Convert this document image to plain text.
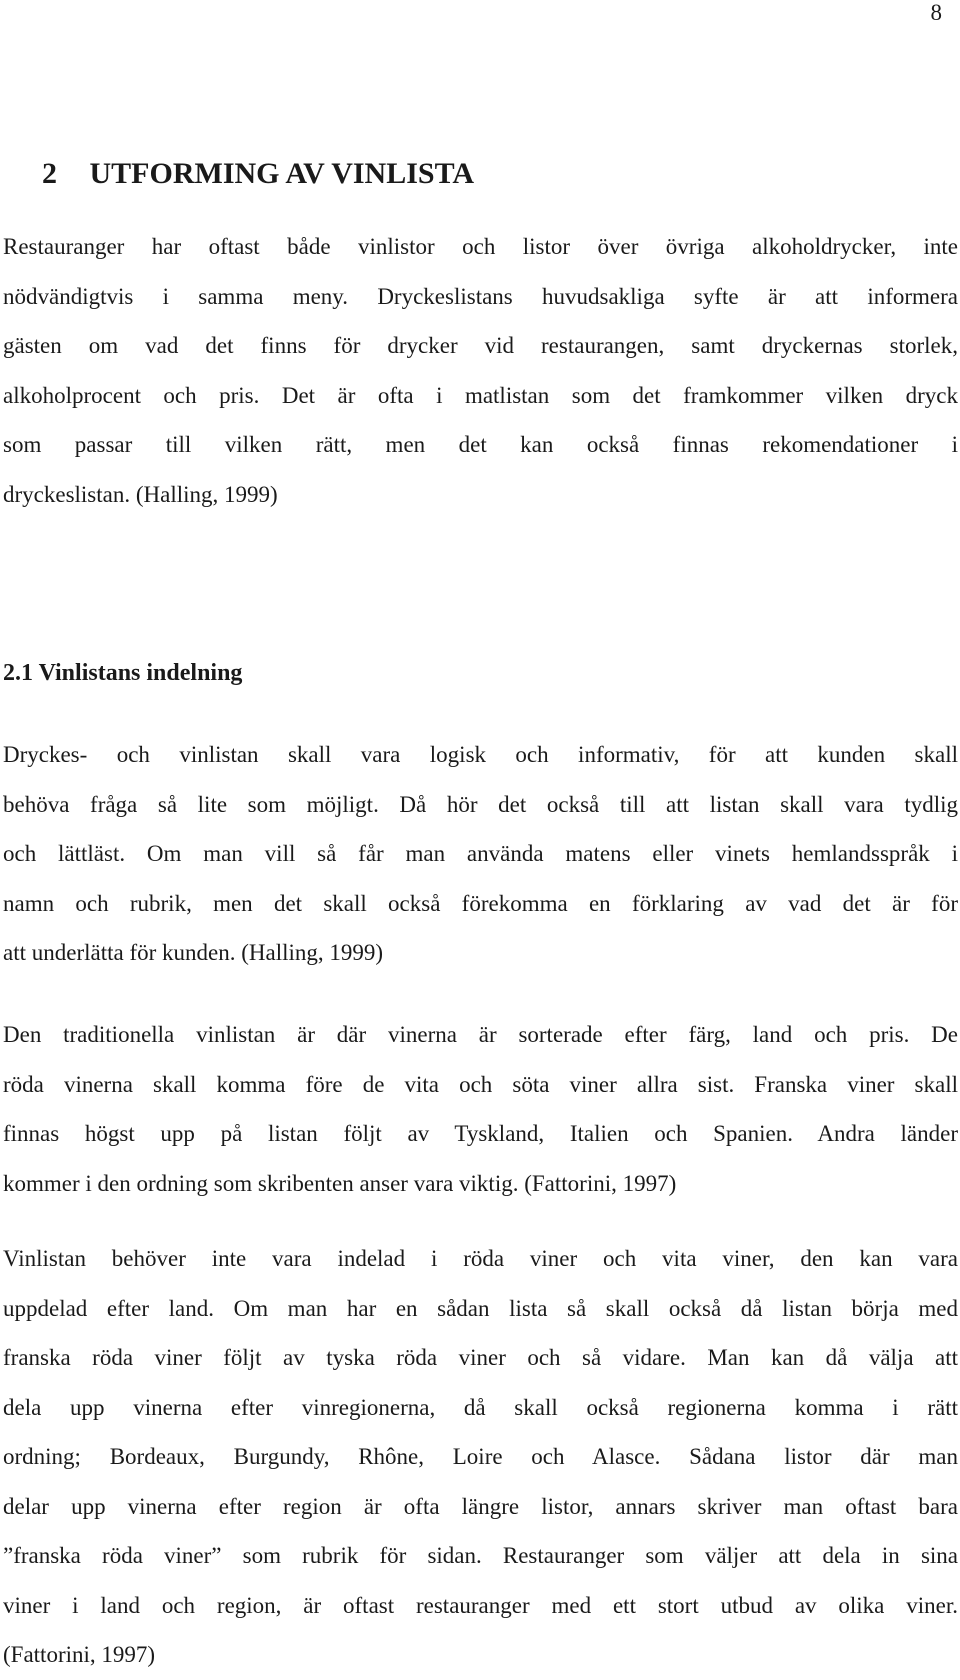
8
2 UTFORMING AV VINLISTA

Restauranger har oftast både vinlistor och listor över övriga alkoholdrycker, inte
nödvändigtvis i samma meny. Dryckeslistans huvudsakliga syfte är att informera
gästen om vad det finns för drycker vid restaurangen, samt dryckernas storlek,
alkoholprocent och pris. Det är ofta i matlistan som det framkommer vilken dryck
som passar till vilken rätt, men det kan också finnas rekomendationer i
dryckeslistan. (Halling, 1999)

2.1 Vinlistans indelning

Dryckes- och vinlistan skall vara logisk och informativ, för att kunden skall
behöva fråga så lite som möjligt. Då hör det också till att listan skall vara tydlig
och lättläst. Om man vill så får man använda matens eller vinets hemlandsspråk i
namn och rubrik, men det skall också förekomma en förklaring av vad det är för
att underlätta för kunden. (Halling, 1999)

Den traditionella vinlistan är där vinerna är sorterade efter färg, land och pris. De
röda vinerna skall komma före de vita och söta viner allra sist. Franska viner skall
finnas högst upp på listan följt av Tyskland, Italien och Spanien. Andra länder
kommer i den ordning som skribenten anser vara viktig. (Fattorini, 1997)

Vinlistan behöver inte vara indelad i röda viner och vita viner, den kan vara
uppdelad efter land. Om man har en sådan lista så skall också då listan börja med
franska röda viner följt av tyska röda viner och så vidare. Man kan då välja att
dela upp vinerna efter vinregionerna, då skall också regionerna komma i rätt
ordning; Bordeaux, Burgundy, Rhône, Loire och Alasce. Sådana listor där man
delar upp vinerna efter region är ofta längre listor, annars skriver man oftast bara
”franska röda viner” som rubrik för sidan. Restauranger som väljer att dela in sina
viner i land och region, är oftast restauranger med ett stort utbud av olika viner.
(Fattorini, 1997)
